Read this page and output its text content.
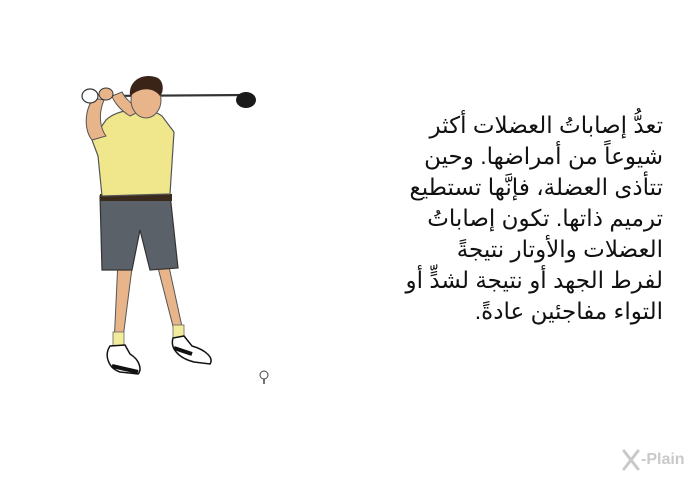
تعدُّ إصاباتُ العضلات أكثر
شيوعاً من أمراضها. وحين
تتأذى العضلة، فإنَّها تستطيع
ترميم ذاتها. تكون إصاباتُ
العضلات والأوتار نتيجةً
لفرط الجهد أو نتيجة لشدٍّ أو
التواء مفاجئين عادةً.
-Plain
